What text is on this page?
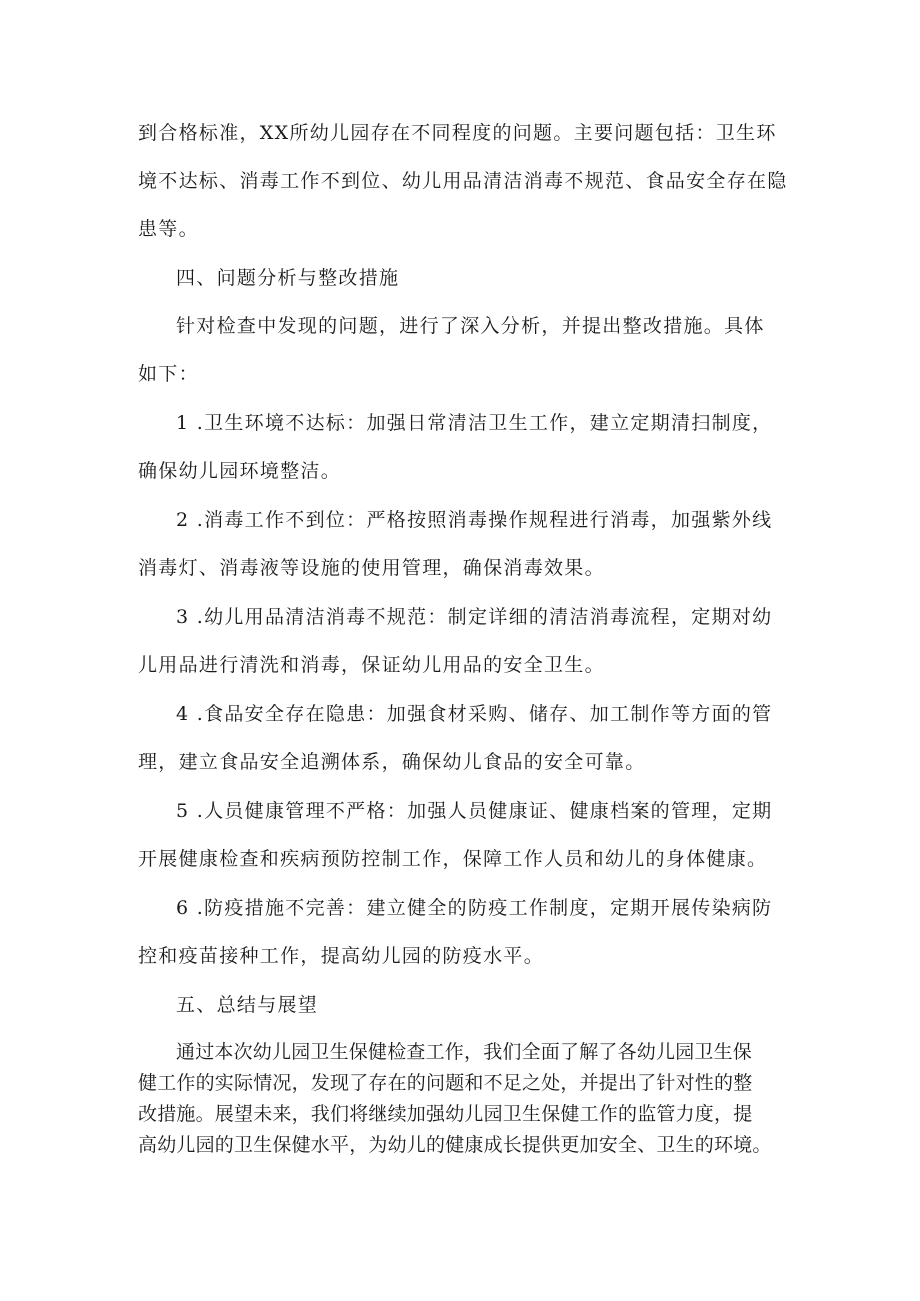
到合格标准，XX所幼儿园存在不同程度的问题。主要问题包括：卫生环
境不达标、消毒工作不到位、幼儿用品清洁消毒不规范、食品安全存在隐
患等。
四、问题分析与整改措施
针对检查中发现的问题，进行了深入分析，并提出整改措施。具体
如下：
1 .卫生环境不达标：加强日常清洁卫生工作，建立定期清扫制度，
确保幼儿园环境整洁。
2 .消毒工作不到位：严格按照消毒操作规程进行消毒，加强紫外线
消毒灯、消毒液等设施的使用管理，确保消毒效果。
3 .幼儿用品清洁消毒不规范：制定详细的清洁消毒流程，定期对幼
儿用品进行清洗和消毒，保证幼儿用品的安全卫生。
4 .食品安全存在隐患：加强食材采购、储存、加工制作等方面的管
理，建立食品安全追溯体系，确保幼儿食品的安全可靠。
5 .人员健康管理不严格：加强人员健康证、健康档案的管理，定期
开展健康检查和疾病预防控制工作，保障工作人员和幼儿的身体健康。
6 .防疫措施不完善：建立健全的防疫工作制度，定期开展传染病防
控和疫苗接种工作，提高幼儿园的防疫水平。
五、总结与展望
通过本次幼儿园卫生保健检查工作，我们全面了解了各幼儿园卫生保
健工作的实际情况，发现了存在的问题和不足之处，并提出了针对性的整
改措施。展望未来，我们将继续加强幼儿园卫生保健工作的监管力度，提
高幼儿园的卫生保健水平，为幼儿的健康成长提供更加安全、卫生的环境。
